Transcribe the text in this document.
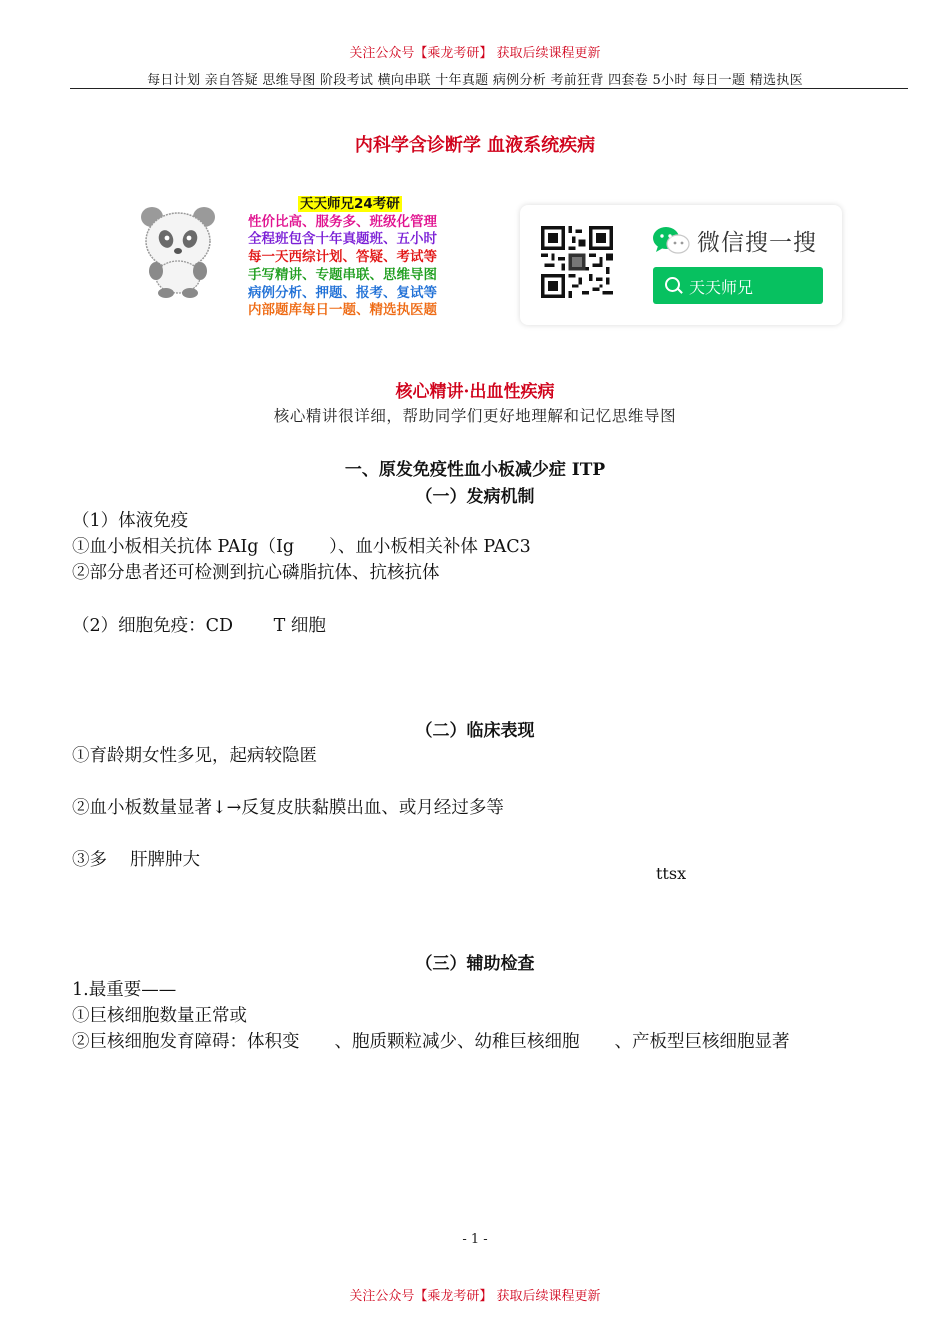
关注公众号【乘龙考研】 获取后续课程更新
每日计划 亲自答疑 思维导图 阶段考试 横向串联 十年真题 病例分析 考前狂背 四套卷 5小时 每日一题 精选执医
内科学含诊断学 血液系统疾病
天天师兄24考研
性价比高、服务多、班级化管理
全程班包含十年真题班、五小时
每一天西综计划、答疑、考试等
手写精讲、专题串联、思维导图
病例分析、押题、报考、复试等
内部题库每日一题、精选执医题
微信搜一搜
天天师兄
核心精讲·出血性疾病
核心精讲很详细，帮助同学们更好地理解和记忆思维导图
一、原发免疫性血小板减少症 ITP
（一）发病机制
（1）体液免疫
①血小板相关抗体 PAIg（Ig　　）、血小板相关补体 PAC3
②部分患者还可检测到抗心磷脂抗体、抗核抗体
（2）细胞免疫：CD　　 T 细胞
（二）临床表现
①育龄期女性多见，起病较隐匿
②血小板数量显著↓→反复皮肤黏膜出血、或月经过多等
③多　 肝脾肿大
ttsx
（三）辅助检查
1.最重要——
①巨核细胞数量正常或
②巨核细胞发育障碍：体积变　　、胞质颗粒减少、幼稚巨核细胞　　、产板型巨核细胞显著
- 1 -
关注公众号【乘龙考研】 获取后续课程更新
